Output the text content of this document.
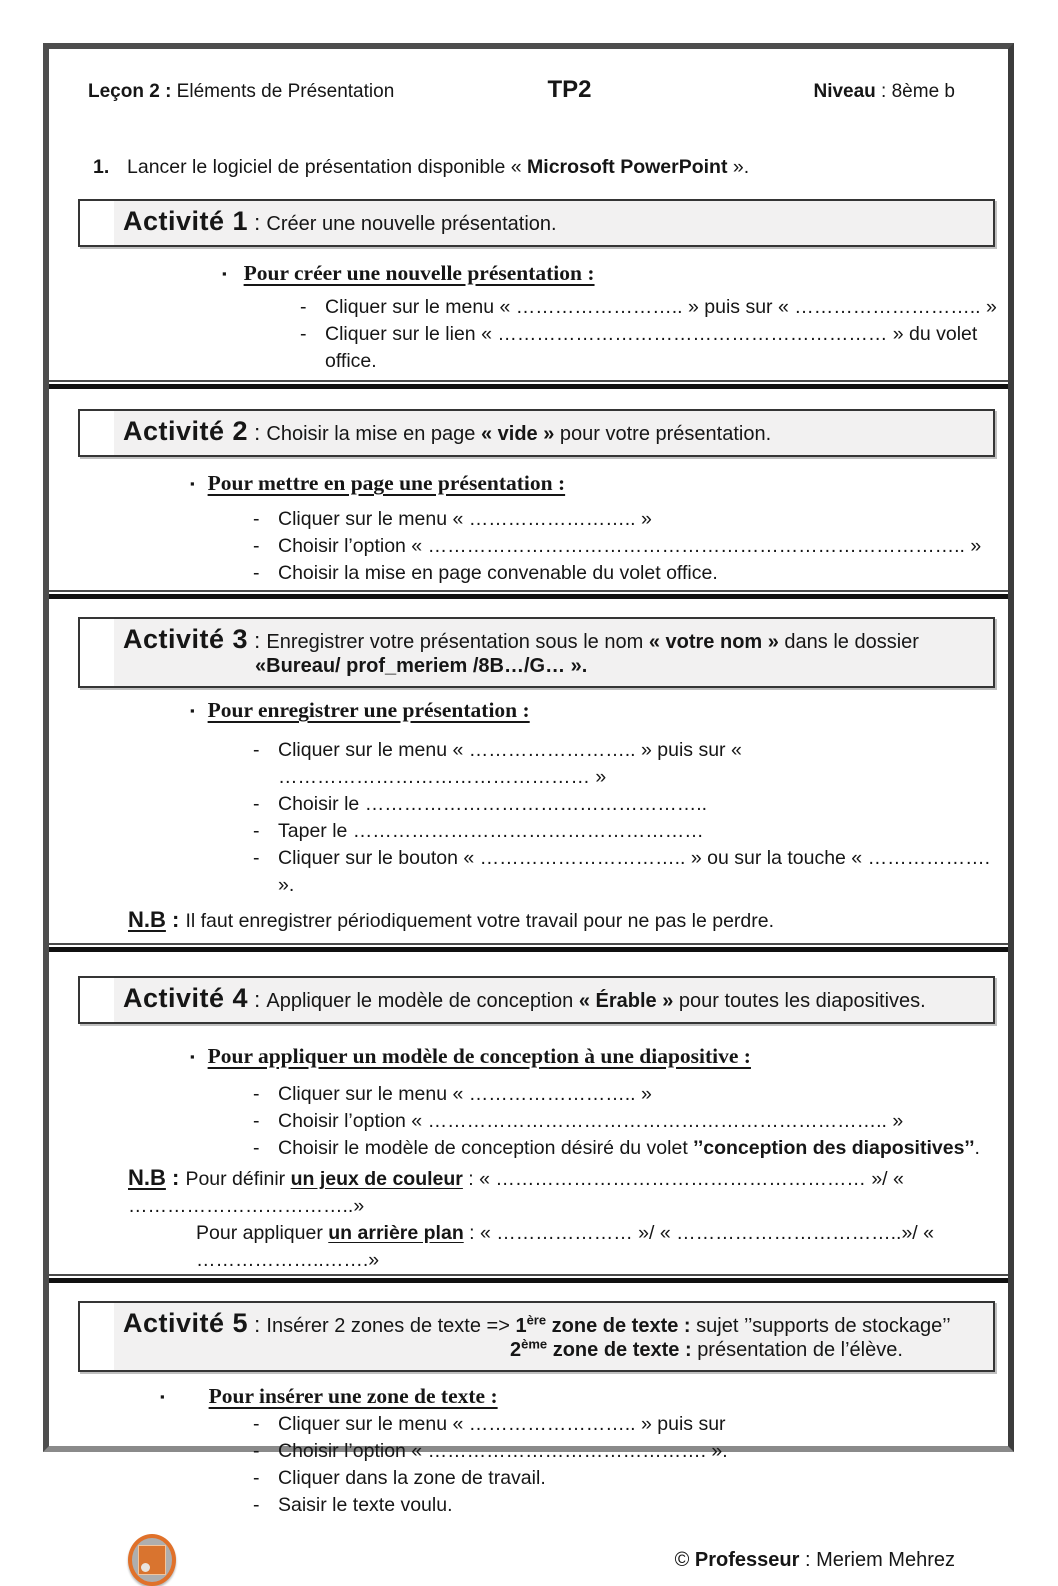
Leçon 2 : Eléments de Présentation	TP2	Niveau : 8ème b
1. Lancer le logiciel de présentation disponible « Microsoft PowerPoint ».
Activité 1 : Créer une nouvelle présentation.
▪ Pour créer une nouvelle présentation :
- Cliquer sur le menu « …………………….. » puis sur « ……………………….. »
- Cliquer sur le lien « …………………………………………………… » du volet office.
Activité 2 : Choisir la mise en page « vide » pour votre présentation.
▪ Pour mettre en page une présentation :
- Cliquer sur le menu « …………………….. »
- Choisir l’option « ……………………………………………………………………….. »
- Choisir la mise en page convenable du volet office.
Activité 3 : Enregistrer votre présentation sous le nom « votre nom » dans le dossier
«Bureau/ prof_meriem /8B…/G… ».
▪ Pour enregistrer une présentation :
- Cliquer sur le menu « …………………….. » puis sur « ………………………………………… »
- Choisir le ……………………………………………..
- Taper le ………………………………………………
- Cliquer sur le bouton « ………………………….. » ou sur la touche « ………………. ».
N.B : Il faut enregistrer périodiquement votre travail pour ne pas le perdre.
Activité 4 : Appliquer le modèle de conception « Érable » pour toutes les diapositives.
▪ Pour appliquer un modèle de conception à une diapositive :
- Cliquer sur le menu « …………………….. »
- Choisir l’option « …………………………………………………………….. »
- Choisir le modèle de conception désiré du volet ’’conception des diapositives’’.
N.B : Pour définir un jeux de couleur : « ………………………………………………… »/ « ……………………………..»
Pour appliquer un arrière plan : « ………………… »/ « ……………………………..»/ « ………………..…….»
Activité 5 : Insérer 2 zones de texte => 1ère zone de texte : sujet ’’supports de stockage’’
2ème zone de texte : présentation de l’élève.
▪ Pour insérer une zone de texte :
- Cliquer sur le menu « …………………….. » puis sur
- Choisir l’option « ……………………………………. ».
- Cliquer dans la zone de travail.
- Saisir le texte voulu.
© Professeur : Meriem Mehrez
